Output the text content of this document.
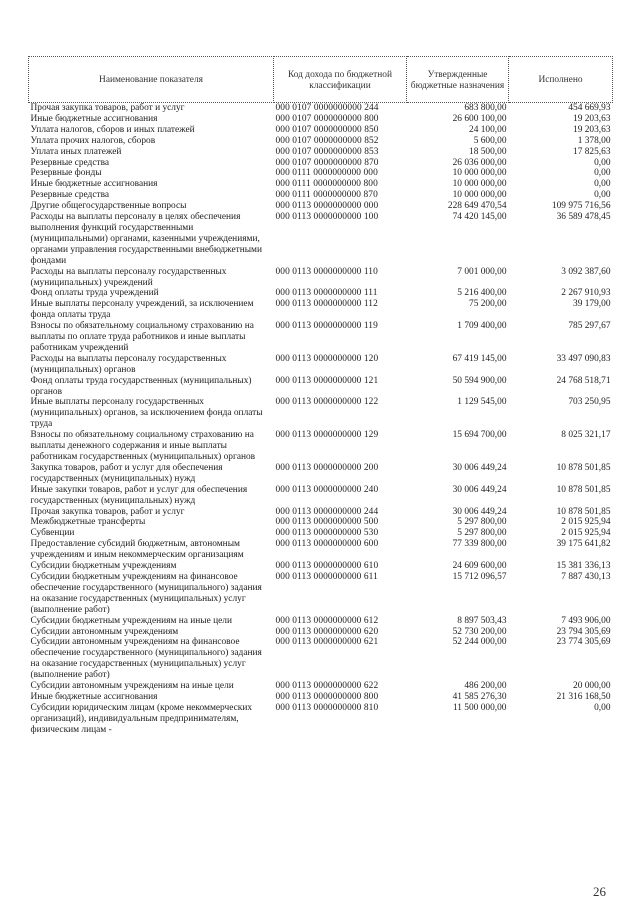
Наименование показателя	Код дохода по бюджетной классификации	Утвержденные бюджетные назначения	Исполнено
Прочая закупка товаров, работ и услуг	000 0107 0000000000 244	683 800,00	454 669,93
Иные бюджетные ассигнования	000 0107 0000000000 800	26 600 100,00	19 203,63
Уплата налогов, сборов и иных платежей	000 0107 0000000000 850	24 100,00	19 203,63
Уплата прочих налогов, сборов	000 0107 0000000000 852	5 600,00	1 378,00
Уплата иных платежей	000 0107 0000000000 853	18 500,00	17 825,63
Резервные средства	000 0107 0000000000 870	26 036 000,00	0,00
Резервные фонды	000 0111 0000000000 000	10 000 000,00	0,00
Иные бюджетные ассигнования	000 0111 0000000000 800	10 000 000,00	0,00
Резервные средства	000 0111 0000000000 870	10 000 000,00	0,00
Другие общегосударственные вопросы	000 0113 0000000000 000	228 649 470,54	109 975 716,56
Расходы на выплаты персоналу в целях обеспечения выполнения функций государственными (муниципальными) органами, казенными учреждениями, органами управления государственными внебюджетными фондами	000 0113 0000000000 100	74 420 145,00	36 589 478,45
Расходы на выплаты персоналу государственных (муниципальных) учреждений	000 0113 0000000000 110	7 001 000,00	3 092 387,60
Фонд оплаты труда учреждений	000 0113 0000000000 111	5 216 400,00	2 267 910,93
Иные выплаты персоналу учреждений, за исключением фонда оплаты труда	000 0113 0000000000 112	75 200,00	39 179,00
Взносы по обязательному социальному страхованию на выплаты по оплате труда работников и иные выплаты работникам учреждений	000 0113 0000000000 119	1 709 400,00	785 297,67
Расходы на выплаты персоналу государственных (муниципальных) органов	000 0113 0000000000 120	67 419 145,00	33 497 090,83
Фонд оплаты труда государственных (муниципальных) органов	000 0113 0000000000 121	50 594 900,00	24 768 518,71
Иные выплаты персоналу государственных (муниципальных) органов, за исключением фонда оплаты труда	000 0113 0000000000 122	1 129 545,00	703 250,95
Взносы по обязательному социальному страхованию на выплаты денежного содержания и иные выплаты работникам государственных (муниципальных) органов	000 0113 0000000000 129	15 694 700,00	8 025 321,17
Закупка товаров, работ и услуг для обеспечения государственных (муниципальных) нужд	000 0113 0000000000 200	30 006 449,24	10 878 501,85
Иные закупки товаров, работ и услуг для обеспечения государственных (муниципальных) нужд	000 0113 0000000000 240	30 006 449,24	10 878 501,85
Прочая закупка товаров, работ и услуг	000 0113 0000000000 244	30 006 449,24	10 878 501,85
Межбюджетные трансферты	000 0113 0000000000 500	5 297 800,00	2 015 925,94
Субвенции	000 0113 0000000000 530	5 297 800,00	2 015 925,94
Предоставление субсидий бюджетным, автономным учреждениям и иным некоммерческим организациям	000 0113 0000000000 600	77 339 800,00	39 175 641,82
Субсидии бюджетным учреждениям	000 0113 0000000000 610	24 609 600,00	15 381 336,13
Субсидии бюджетным учреждениям на финансовое обеспечение государственного (муниципального) задания на оказание государственных (муниципальных) услуг (выполнение работ)	000 0113 0000000000 611	15 712 096,57	7 887 430,13
Субсидии бюджетным учреждениям на иные цели	000 0113 0000000000 612	8 897 503,43	7 493 906,00
Субсидии автономным учреждениям	000 0113 0000000000 620	52 730 200,00	23 794 305,69
Субсидии автономным учреждениям на финансовое обеспечение государственного (муниципального) задания на оказание государственных (муниципальных) услуг (выполнение работ)	000 0113 0000000000 621	52 244 000,00	23 774 305,69
Субсидии автономным учреждениям на иные цели	000 0113 0000000000 622	486 200,00	20 000,00
Иные бюджетные ассигнования	000 0113 0000000000 800	41 585 276,30	21 316 168,50
Субсидии юридическим лицам (кроме некоммерческих организаций), индивидуальным предпринимателям, физическим лицам -	000 0113 0000000000 810	11 500 000,00	0,00
26
